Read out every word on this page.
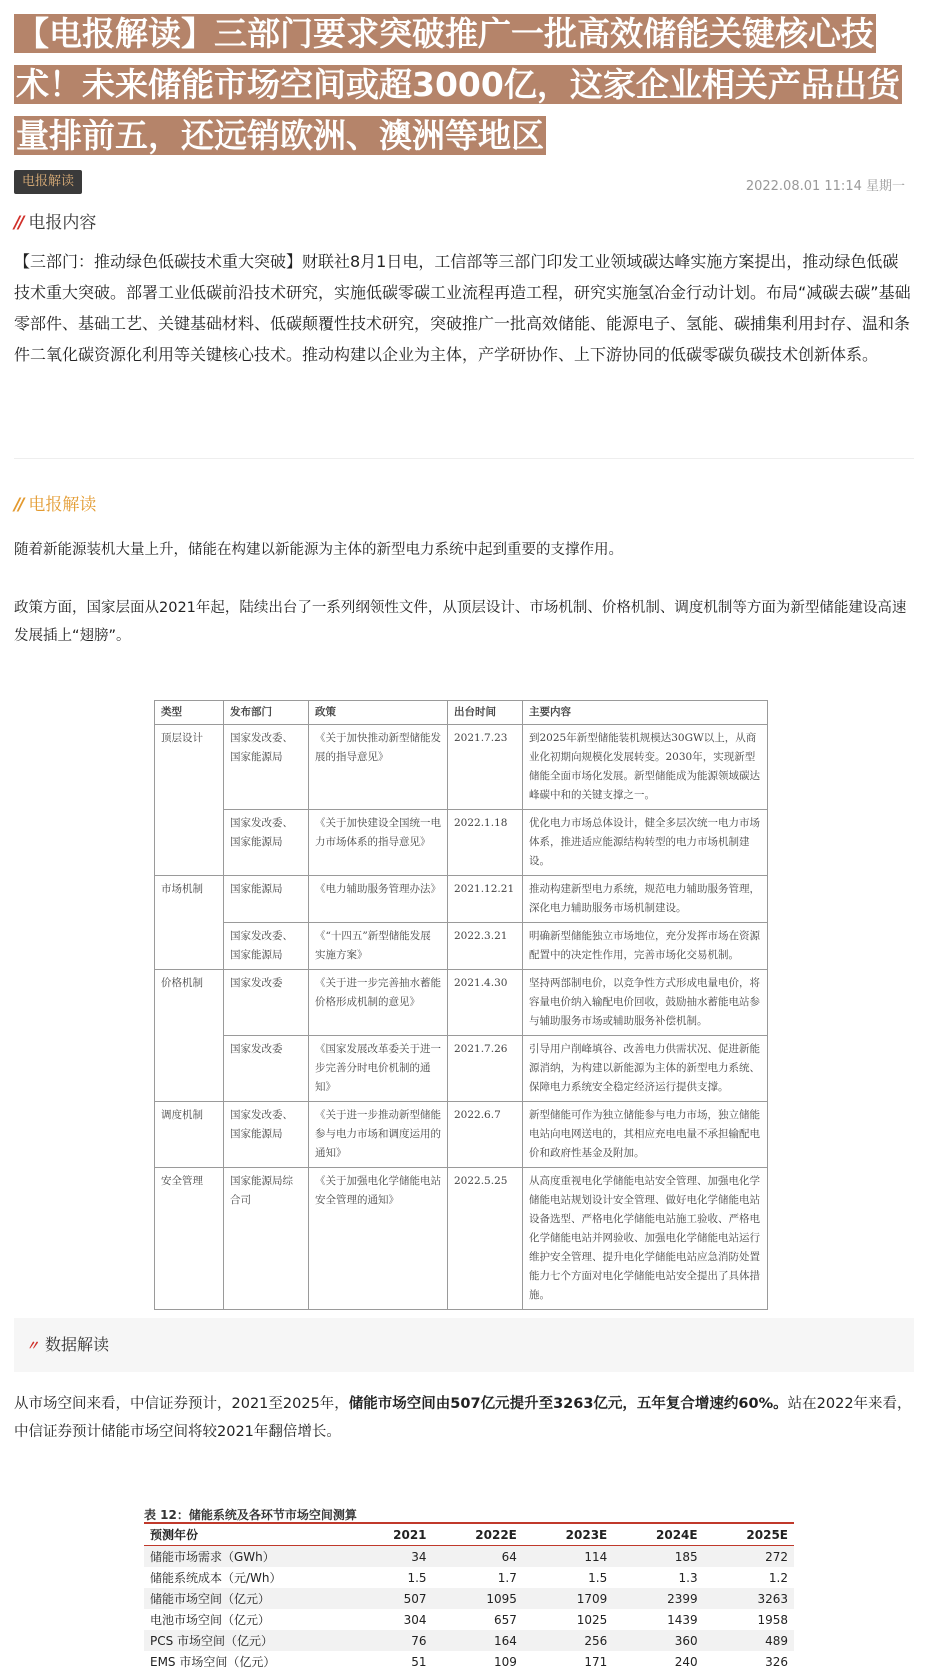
【电报解读】三部门要求突破推广一批高效储能关键核心技术！未来储能市场空间或超3000亿，这家企业相关产品出货量排前五，还远销欧洲、澳洲等地区
电报解读	2022.08.01 11:14 星期一
// 电报内容
【三部门：推动绿色低碳技术重大突破】财联社8月1日电，工信部等三部门印发工业领域碳达峰实施方案提出，推动绿色低碳技术重大突破。部署工业低碳前沿技术研究，实施低碳零碳工业流程再造工程，研究实施氢冶金行动计划。布局“减碳去碳”基础零部件、基础工艺、关键基础材料、低碳颠覆性技术研究，突破推广一批高效储能、能源电子、氢能、碳捕集利用封存、温和条件二氧化碳资源化利用等关键核心技术。推动构建以企业为主体，产学研协作、上下游协同的低碳零碳负碳技术创新体系。
// 电报解读
随着新能源装机大量上升，储能在构建以新能源为主体的新型电力系统中起到重要的支撑作用。
政策方面，国家层面从2021年起，陆续出台了一系列纲领性文件，从顶层设计、市场机制、价格机制、调度机制等方面为新型储能建设高速发展插上“翅膀”。
类型	发布部门	政策	出台时间	主要内容
顶层设计	国家发改委、国家能源局	《关于加快推动新型储能发展的指导意见》	2021.7.23	到2025年新型储能装机规模达30GW以上，从商业化初期向规模化发展转变。2030年，实现新型储能全面市场化发展。新型储能成为能源领域碳达峰碳中和的关键支撑之一。
	国家发改委、国家能源局	《关于加快建设全国统一电力市场体系的指导意见》	2022.1.18	优化电力市场总体设计，健全多层次统一电力市场体系，推进适应能源结构转型的电力市场机制建设。
市场机制	国家能源局	《电力辅助服务管理办法》	2021.12.21	推动构建新型电力系统，规范电力辅助服务管理，深化电力辅助服务市场机制建设。
	国家发改委、国家能源局	《“十四五”新型储能发展实施方案》	2022.3.21	明确新型储能独立市场地位，充分发挥市场在资源配置中的决定性作用，完善市场化交易机制。
价格机制	国家发改委	《关于进一步完善抽水蓄能价格形成机制的意见》	2021.4.30	坚持两部制电价，以竞争性方式形成电量电价，将容量电价纳入输配电价回收，鼓励抽水蓄能电站参与辅助服务市场或辅助服务补偿机制。
	国家发改委	《国家发展改革委关于进一步完善分时电价机制的通知》	2021.7.26	引导用户削峰填谷、改善电力供需状况、促进新能源消纳，为构建以新能源为主体的新型电力系统、保障电力系统安全稳定经济运行提供支撑。
调度机制	国家发改委、国家能源局	《关于进一步推动新型储能参与电力市场和调度运用的通知》	2022.6.7	新型储能可作为独立储能参与电力市场，独立储能电站向电网送电的，其相应充电电量不承担输配电价和政府性基金及附加。
安全管理	国家能源局综合司	《关于加强电化学储能电站安全管理的通知》	2022.5.25	从高度重视电化学储能电站安全管理、加强电化学储能电站规划设计安全管理、做好电化学储能电站设备选型、严格电化学储能电站施工验收、严格电化学储能电站并网验收、加强电化学储能电站运行维护安全管理、提升电化学储能电站应急消防处置能力七个方面对电化学储能电站安全提出了具体措施。
〃 数据解读
从市场空间来看，中信证券预计，2021至2025年，储能市场空间由507亿元提升至3263亿元，五年复合增速约60%。站在2022年来看，中信证券预计储能市场空间将较2021年翻倍增长。
表 12：储能系统及各环节市场空间测算
预测年份	2021	2022E	2023E	2024E	2025E
储能市场需求（GWh）	34	64	114	185	272
储能系统成本（元/Wh）	1.5	1.7	1.5	1.3	1.2
储能市场空间（亿元）	507	1095	1709	2399	3263
电池市场空间（亿元）	304	657	1025	1439	1958
PCS 市场空间（亿元）	76	164	256	360	489
EMS 市场空间（亿元）	51	109	171	240	326
